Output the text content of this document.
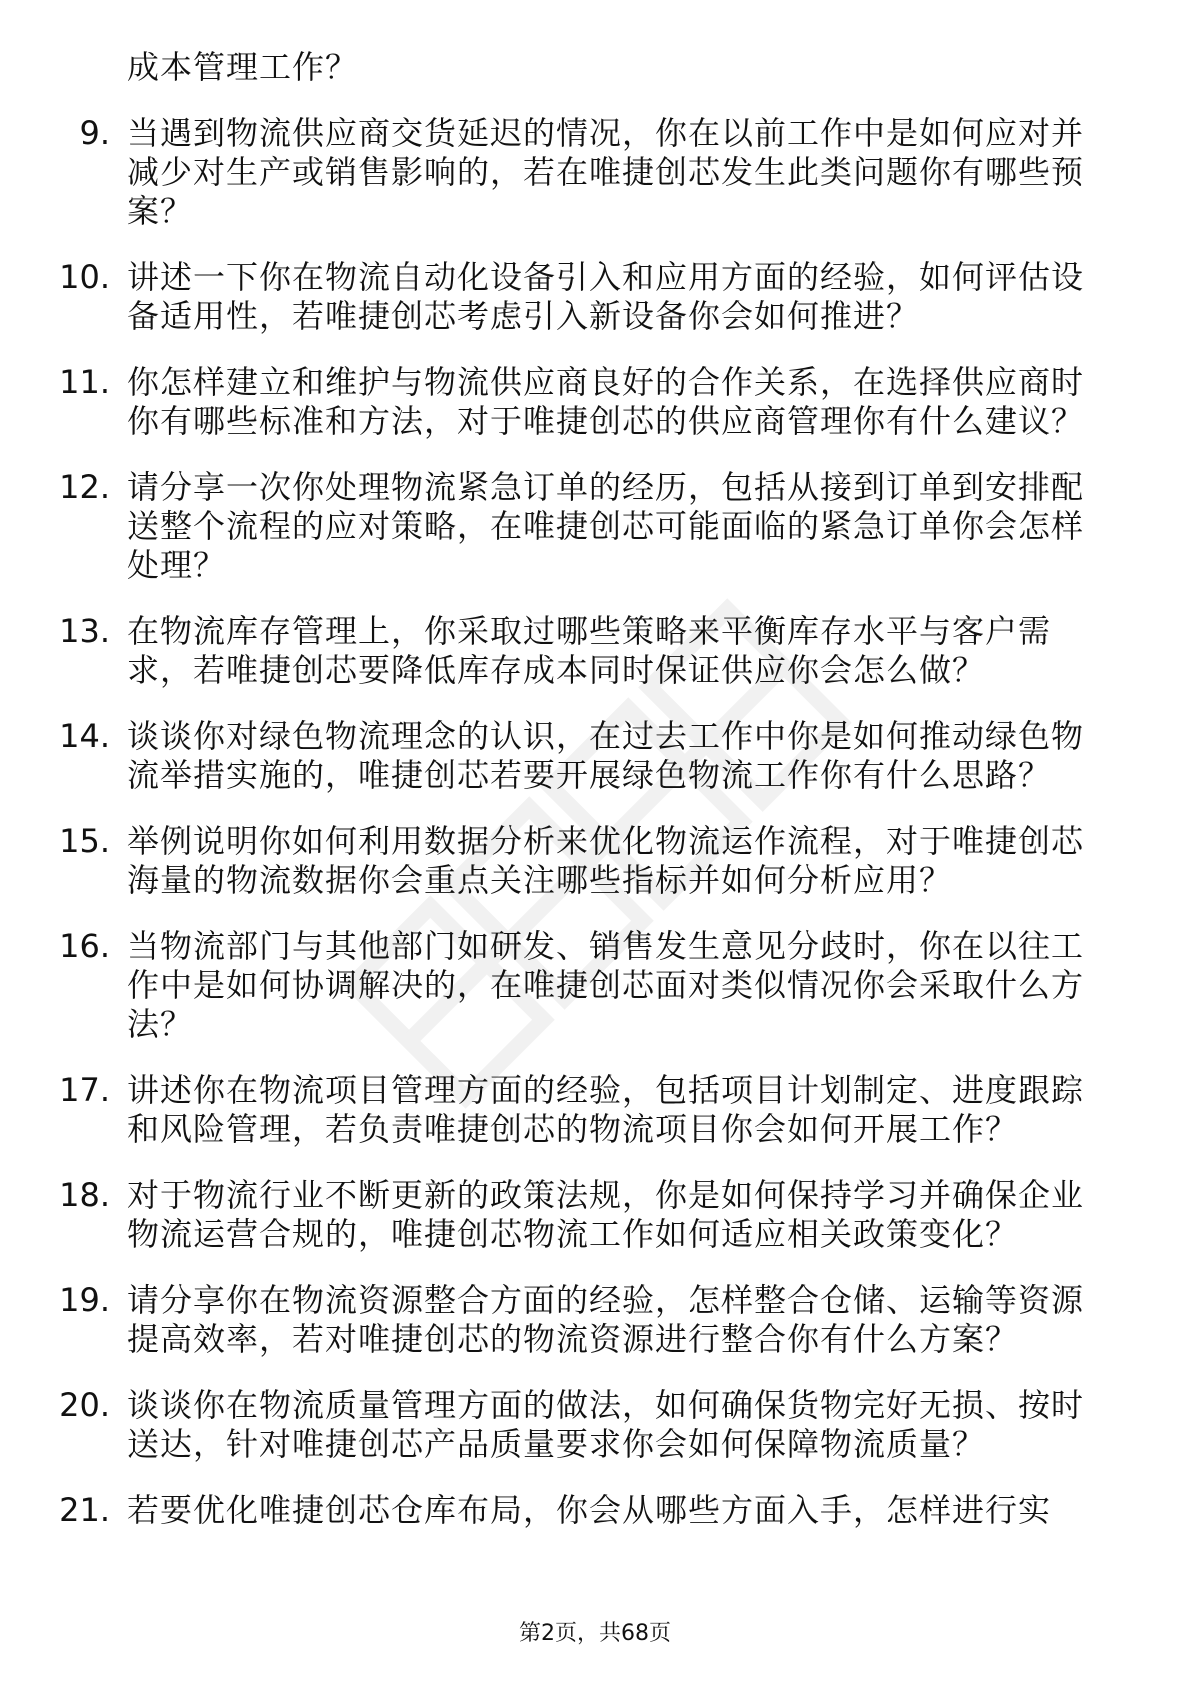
成本管理工作？
9. 当遇到物流供应商交货延迟的情况，你在以前工作中是如何应对并减少对生产或销售影响的，若在唯捷创芯发生此类问题你有哪些预案？
10. 讲述一下你在物流自动化设备引入和应用方面的经验，如何评估设备适用性，若唯捷创芯考虑引入新设备你会如何推进？
11. 你怎样建立和维护与物流供应商良好的合作关系，在选择供应商时你有哪些标准和方法，对于唯捷创芯的供应商管理你有什么建议？
12. 请分享一次你处理物流紧急订单的经历，包括从接到订单到安排配送整个流程的应对策略，在唯捷创芯可能面临的紧急订单你会怎样处理？
13. 在物流库存管理上，你采取过哪些策略来平衡库存水平与客户需求，若唯捷创芯要降低库存成本同时保证供应你会怎么做？
14. 谈谈你对绿色物流理念的认识，在过去工作中你是如何推动绿色物流举措实施的，唯捷创芯若要开展绿色物流工作你有什么思路？
15. 举例说明你如何利用数据分析来优化物流运作流程，对于唯捷创芯海量的物流数据你会重点关注哪些指标并如何分析应用？
16. 当物流部门与其他部门如研发、销售发生意见分歧时，你在以往工作中是如何协调解决的，在唯捷创芯面对类似情况你会采取什么方法？
17. 讲述你在物流项目管理方面的经验，包括项目计划制定、进度跟踪和风险管理，若负责唯捷创芯的物流项目你会如何开展工作？
18. 对于物流行业不断更新的政策法规，你是如何保持学习并确保企业物流运营合规的，唯捷创芯物流工作如何适应相关政策变化？
19. 请分享你在物流资源整合方面的经验，怎样整合仓储、运输等资源提高效率，若对唯捷创芯的物流资源进行整合你有什么方案？
20. 谈谈你在物流质量管理方面的做法，如何确保货物完好无损、按时送达，针对唯捷创芯产品质量要求你会如何保障物流质量？
21. 若要优化唯捷创芯仓库布局，你会从哪些方面入手，怎样进行实
第2页，共68页
